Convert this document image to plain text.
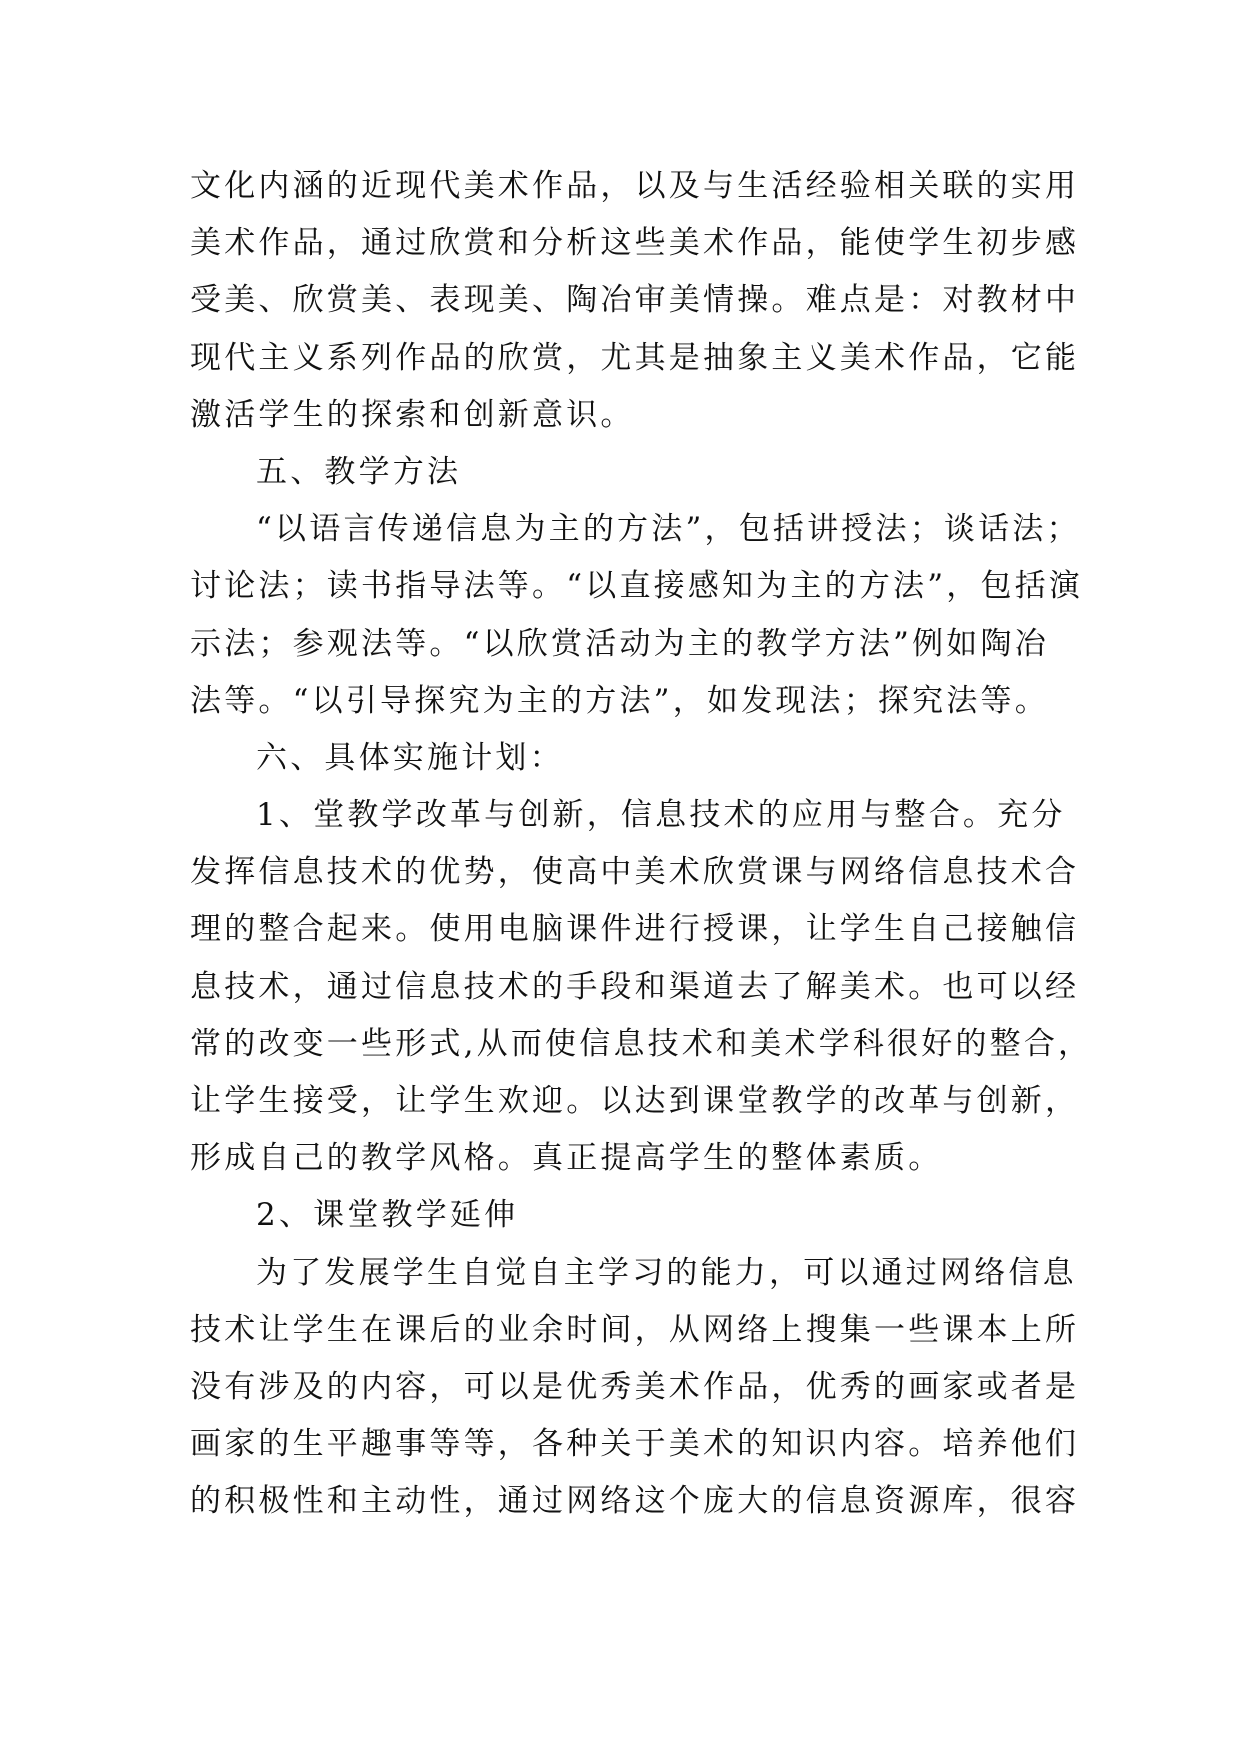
文化内涵的近现代美术作品，以及与生活经验相关联的实用
美术作品，通过欣赏和分析这些美术作品，能使学生初步感
受美、欣赏美、表现美、陶冶审美情操。难点是：对教材中
现代主义系列作品的欣赏，尤其是抽象主义美术作品，它能
激活学生的探索和创新意识。
五、教学方法
“以语言传递信息为主的方法”，包括讲授法；谈话法；
讨论法；读书指导法等。“以直接感知为主的方法”，包括演
示法；参观法等。“以欣赏活动为主的教学方法”例如陶冶
法等。“以引导探究为主的方法”，如发现法；探究法等。
六、具体实施计划：
1、堂教学改革与创新，信息技术的应用与整合。充分
发挥信息技术的优势，使高中美术欣赏课与网络信息技术合
理的整合起来。使用电脑课件进行授课，让学生自己接触信
息技术，通过信息技术的手段和渠道去了解美术。也可以经
常的改变一些形式,从而使信息技术和美术学科很好的整合，
让学生接受，让学生欢迎。以达到课堂教学的改革与创新，
形成自己的教学风格。真正提高学生的整体素质。
2、课堂教学延伸
为了发展学生自觉自主学习的能力，可以通过网络信息
技术让学生在课后的业余时间，从网络上搜集一些课本上所
没有涉及的内容，可以是优秀美术作品，优秀的画家或者是
画家的生平趣事等等，各种关于美术的知识内容。培养他们
的积极性和主动性，通过网络这个庞大的信息资源库，很容
